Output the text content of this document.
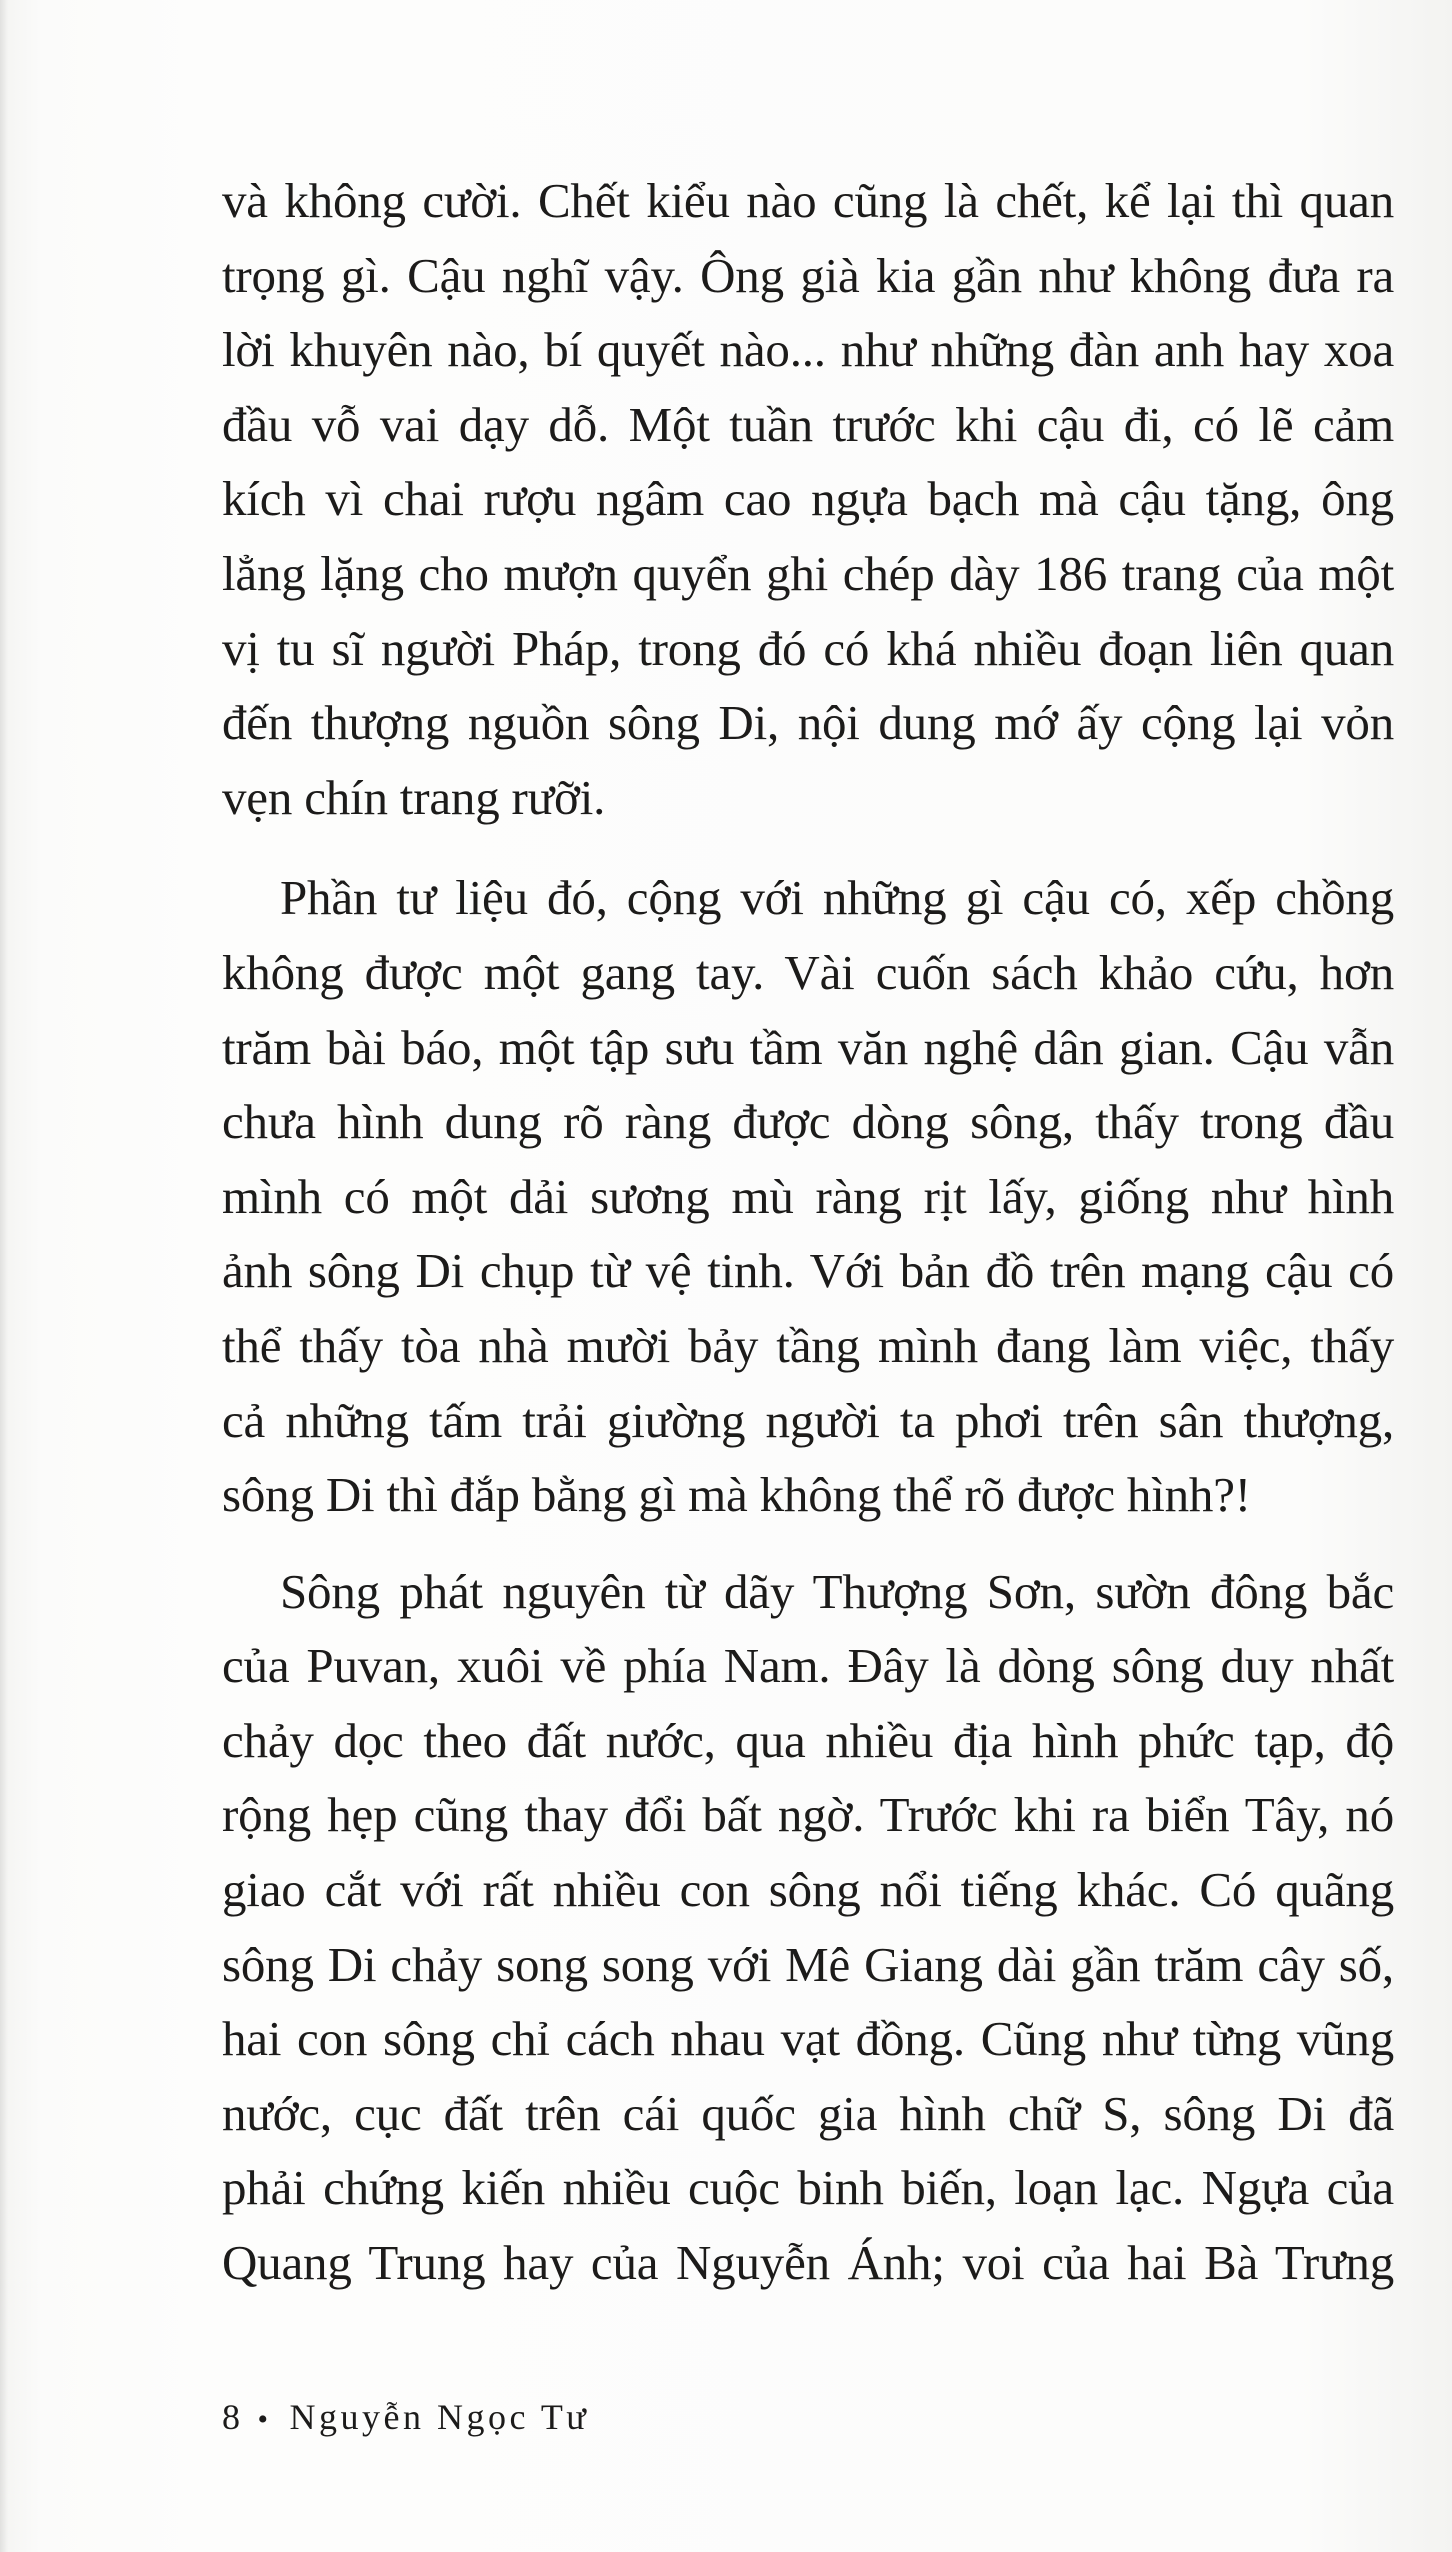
và không cười. Chết kiểu nào cũng là chết, kể lại thì quan
trọng gì. Cậu nghĩ vậy. Ông già kia gần như không đưa ra
lời khuyên nào, bí quyết nào... như những đàn anh hay xoa
đầu vỗ vai dạy dỗ. Một tuần trước khi cậu đi, có lẽ cảm
kích vì chai rượu ngâm cao ngựa bạch mà cậu tặng, ông
lẳng lặng cho mượn quyển ghi chép dày 186 trang của một
vị tu sĩ người Pháp, trong đó có khá nhiều đoạn liên quan
đến thượng nguồn sông Di, nội dung mớ ấy cộng lại vỏn
vẹn chín trang rưỡi.

Phần tư liệu đó, cộng với những gì cậu có, xếp chồng
không được một gang tay. Vài cuốn sách khảo cứu, hơn
trăm bài báo, một tập sưu tầm văn nghệ dân gian. Cậu vẫn
chưa hình dung rõ ràng được dòng sông, thấy trong đầu
mình có một dải sương mù ràng rịt lấy, giống như hình
ảnh sông Di chụp từ vệ tinh. Với bản đồ trên mạng cậu có
thể thấy tòa nhà mười bảy tầng mình đang làm việc, thấy
cả những tấm trải giường người ta phơi trên sân thượng,
sông Di thì đắp bằng gì mà không thể rõ được hình?!

Sông phát nguyên từ dãy Thượng Sơn, sườn đông bắc
của Puvan, xuôi về phía Nam. Đây là dòng sông duy nhất
chảy dọc theo đất nước, qua nhiều địa hình phức tạp, độ
rộng hẹp cũng thay đổi bất ngờ. Trước khi ra biển Tây, nó
giao cắt với rất nhiều con sông nổi tiếng khác. Có quãng
sông Di chảy song song với Mê Giang dài gần trăm cây số,
hai con sông chỉ cách nhau vạt đồng. Cũng như từng vũng
nước, cục đất trên cái quốc gia hình chữ S, sông Di đã
phải chứng kiến nhiều cuộc binh biến, loạn lạc. Ngựa của
Quang Trung hay của Nguyễn Ánh; voi của hai Bà Trưng

8 • Nguyễn Ngọc Tư
